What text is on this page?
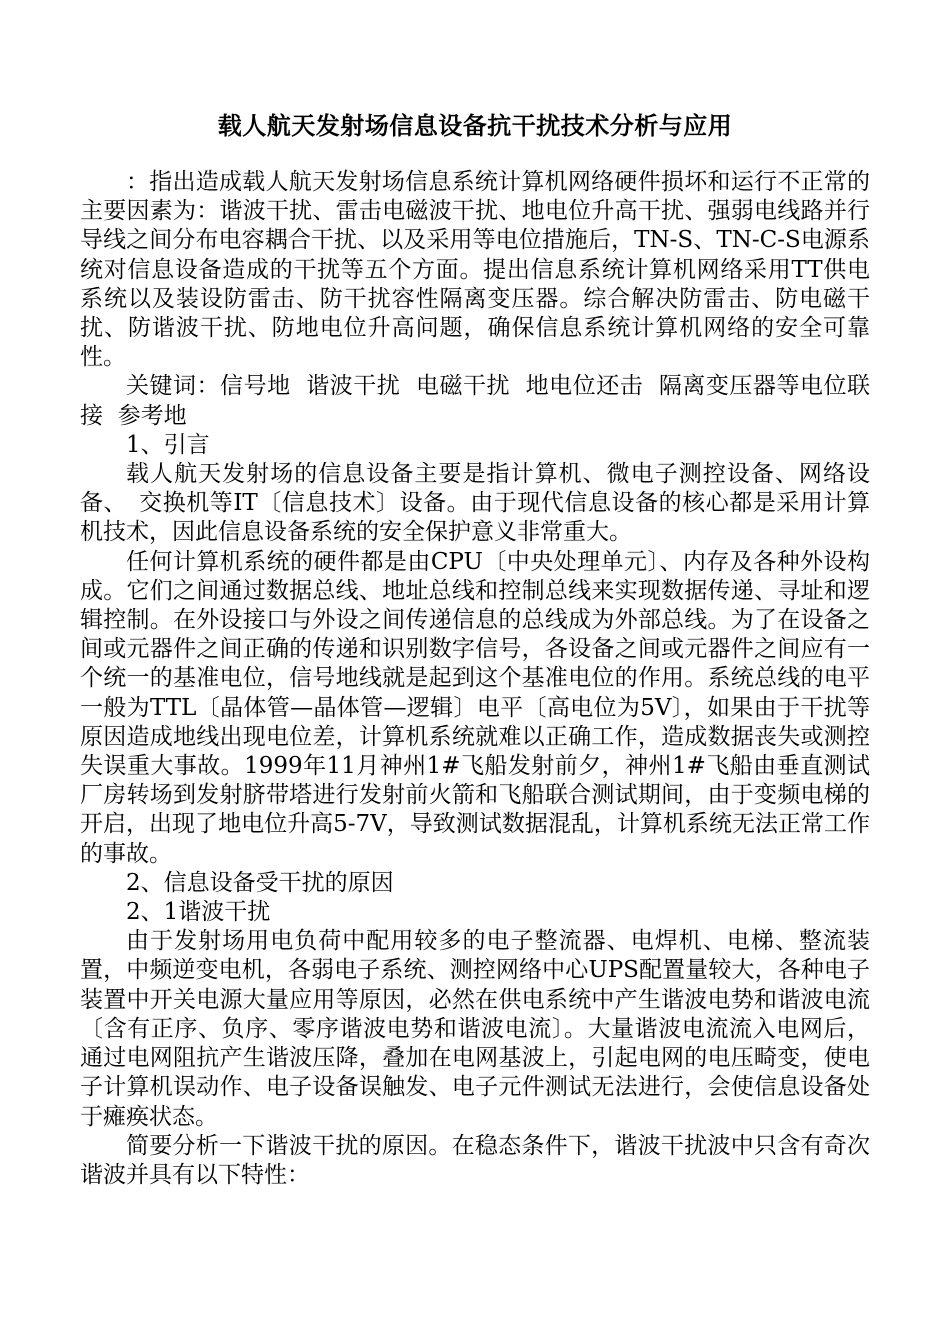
载人航天发射场信息设备抗干扰技术分析与应用

：指出造成载人航天发射场信息系统计算机网络硬件损坏和运行不正常的主要因素为：谐波干扰、雷击电磁波干扰、地电位升高干扰、强弱电线路并行导线之间分布电容耦合干扰、以及采用等电位措施后，TN-S、TN-C-S电源系统对信息设备造成的干扰等五个方面。提出信息系统计算机网络采用TT供电系统以及装设防雷击、防干扰容性隔离变压器。综合解决防雷击、防电磁干扰、防谐波干扰、防地电位升高问题，确保信息系统计算机网络的安全可靠性。

关键词：信号地  谐波干扰  电磁干扰  地电位还击  隔离变压器等电位联接  参考地

1、引言

载人航天发射场的信息设备主要是指计算机、微电子测控设备、网络设备、　交换机等IT〔信息技术〕设备。由于现代信息设备的核心都是采用计算机技术，因此信息设备系统的安全保护意义非常重大。

任何计算机系统的硬件都是由CPU〔中央处理单元〕、内存及各种外设构成。它们之间通过数据总线、地址总线和控制总线来实现数据传递、寻址和逻辑控制。在外设接口与外设之间传递信息的总线成为外部总线。为了在设备之间或元器件之间正确的传递和识别数字信号，各设备之间或元器件之间应有一个统一的基准电位，信号地线就是起到这个基准电位的作用。系统总线的电平一般为TTL〔晶体管—晶体管—逻辑〕电平〔高电位为5V〕，如果由于干扰等原因造成地线出现电位差，计算机系统就难以正确工作，造成数据丧失或测控失误重大事故。1999年11月神州1#飞船发射前夕，神州1#飞船由垂直测试厂房转场到发射脐带塔进行发射前火箭和飞船联合测试期间，由于变频电梯的开启，出现了地电位升高5-7V，导致测试数据混乱，计算机系统无法正常工作的事故。

2、信息设备受干扰的原因

2、1谐波干扰

由于发射场用电负荷中配用较多的电子整流器、电焊机、电梯、整流装置，中频逆变电机，各弱电子系统、测控网络中心UPS配置量较大，各种电子装置中开关电源大量应用等原因，必然在供电系统中产生谐波电势和谐波电流〔含有正序、负序、零序谐波电势和谐波电流〕。大量谐波电流流入电网后，通过电网阻抗产生谐波压降，叠加在电网基波上，引起电网的电压畸变，使电子计算机误动作、电子设备误触发、电子元件测试无法进行，会使信息设备处于瘫痪状态。

简要分析一下谐波干扰的原因。在稳态条件下，谐波干扰波中只含有奇次谐波并具有以下特性：
